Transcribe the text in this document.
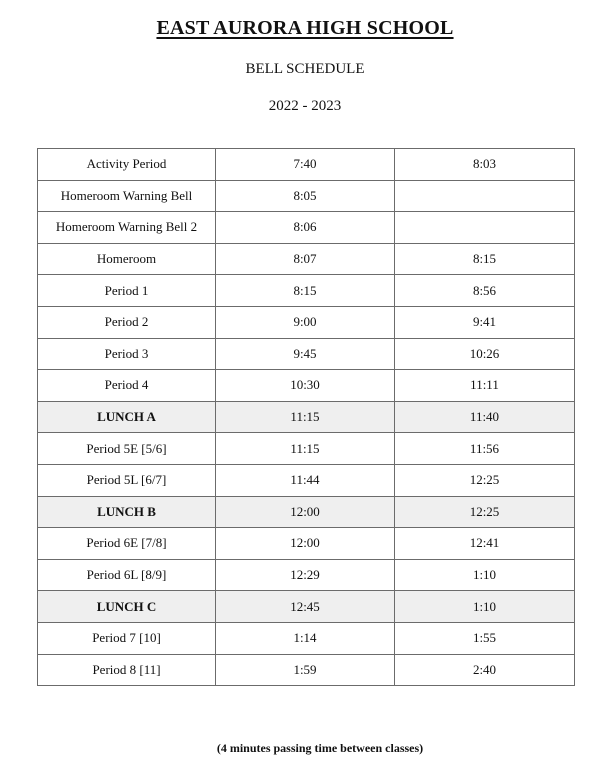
EAST AURORA HIGH SCHOOL
BELL SCHEDULE
2022 - 2023
Activity Period	7:40	8:03
Homeroom Warning Bell	8:05	
Homeroom Warning Bell 2	8:06	
Homeroom	8:07	8:15
Period 1	8:15	8:56
Period 2	9:00	9:41
Period 3	9:45	10:26
Period 4	10:30	11:11
LUNCH A	11:15	11:40
Period 5E [5/6]	11:15	11:56
Period 5L [6/7]	11:44	12:25
LUNCH B	12:00	12:25
Period 6E [7/8]	12:00	12:41
Period 6L [8/9]	12:29	1:10
LUNCH C	12:45	1:10
Period 7 [10]	1:14	1:55
Period 8 [11]	1:59	2:40
(4 minutes passing time between classes)
